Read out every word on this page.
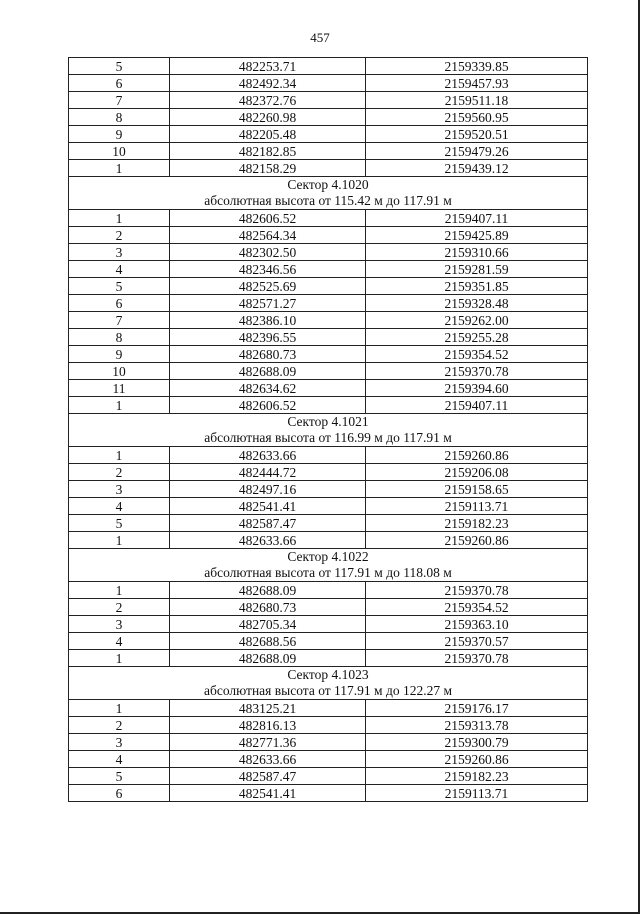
457
5	482253.71	2159339.85
6	482492.34	2159457.93
7	482372.76	2159511.18
8	482260.98	2159560.95
9	482205.48	2159520.51
10	482182.85	2159479.26
1	482158.29	2159439.12

Сектор 4.1020
абсолютная высота от 115.42 м до 117.91 м		

1	482606.52	2159407.11
2	482564.34	2159425.89
3	482302.50	2159310.66
4	482346.56	2159281.59
5	482525.69	2159351.85
6	482571.27	2159328.48
7	482386.10	2159262.00
8	482396.55	2159255.28
9	482680.73	2159354.52
10	482688.09	2159370.78
11	482634.62	2159394.60
1	482606.52	2159407.11

Сектор 4.1021
абсолютная высота от 116.99 м до 117.91 м		

1	482633.66	2159260.86
2	482444.72	2159206.08
3	482497.16	2159158.65
4	482541.41	2159113.71
5	482587.47	2159182.23
1	482633.66	2159260.86

Сектор 4.1022
абсолютная высота от 117.91 м до 118.08 м		

1	482688.09	2159370.78
2	482680.73	2159354.52
3	482705.34	2159363.10
4	482688.56	2159370.57
1	482688.09	2159370.78

Сектор 4.1023
абсолютная высота от 117.91 м до 122.27 м		

1	483125.21	2159176.17
2	482816.13	2159313.78
3	482771.36	2159300.79
4	482633.66	2159260.86
5	482587.47	2159182.23
6	482541.41	2159113.71
